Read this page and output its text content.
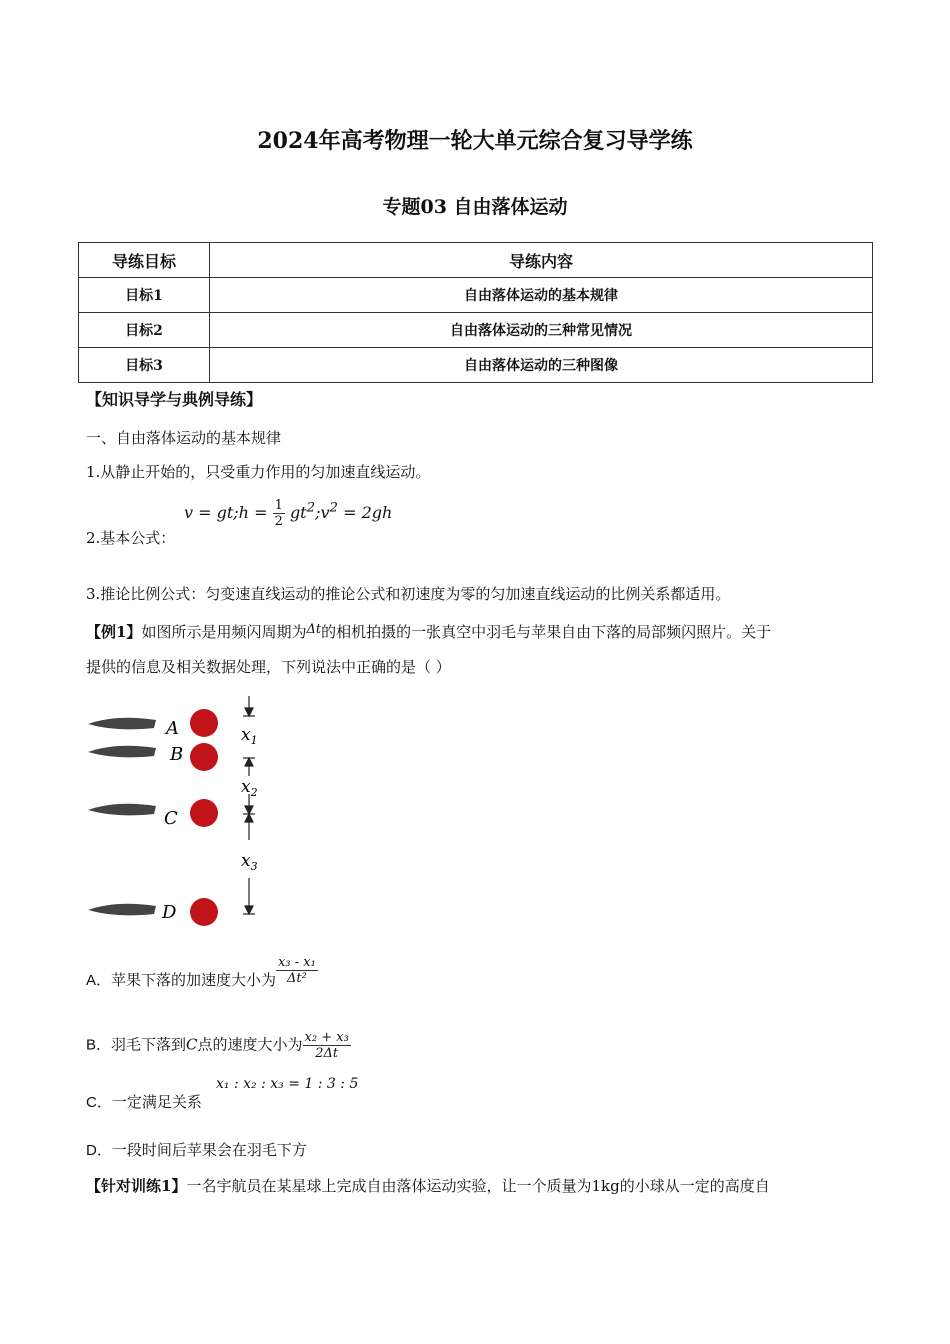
2024年高考物理一轮大单元综合复习导学练
专题03 自由落体运动
导练目标	导练内容
目标1	自由落体运动的基本规律
目标2	自由落体运动的三种常见情况
目标3	自由落体运动的三种图像
【知识导学与典例导练】
一、自由落体运动的基本规律
1.从静止开始的，只受重力作用的匀加速直线运动。
2.基本公式：
v = gt;h = $\frac{1}{2}$ $gt^2;v^2 = 2gh$
3.推论比例公式：匀变速直线运动的推论公式和初速度为零的匀加速直线运动的比例关系都适用。
【例1】如图所示是用频闪周期为Δt的相机拍摄的一张真空中羽毛与苹果自由下落的局部频闪照片。关于
提供的信息及相关数据处理，下列说法中正确的是（ ）
A
B
C
D
$x_1$
$x_2$
$x_3$
A．苹果下落的加速度大小为 $\frac{\text{x₃ - x₁}}{\text{Δt²}}$
B．羽毛下落到C点的速度大小为 $\frac{\text{x₂ + x₃}}{2\Delta t}$
C．一定满足关系
x₁ : x₂ : x₃ = 1 : 3 : 5
D．一段时间后苹果会在羽毛下方
【针对训练1】一名宇航员在某星球上完成自由落体运动实验，让一个质量为1kg的小球从一定的高度自
